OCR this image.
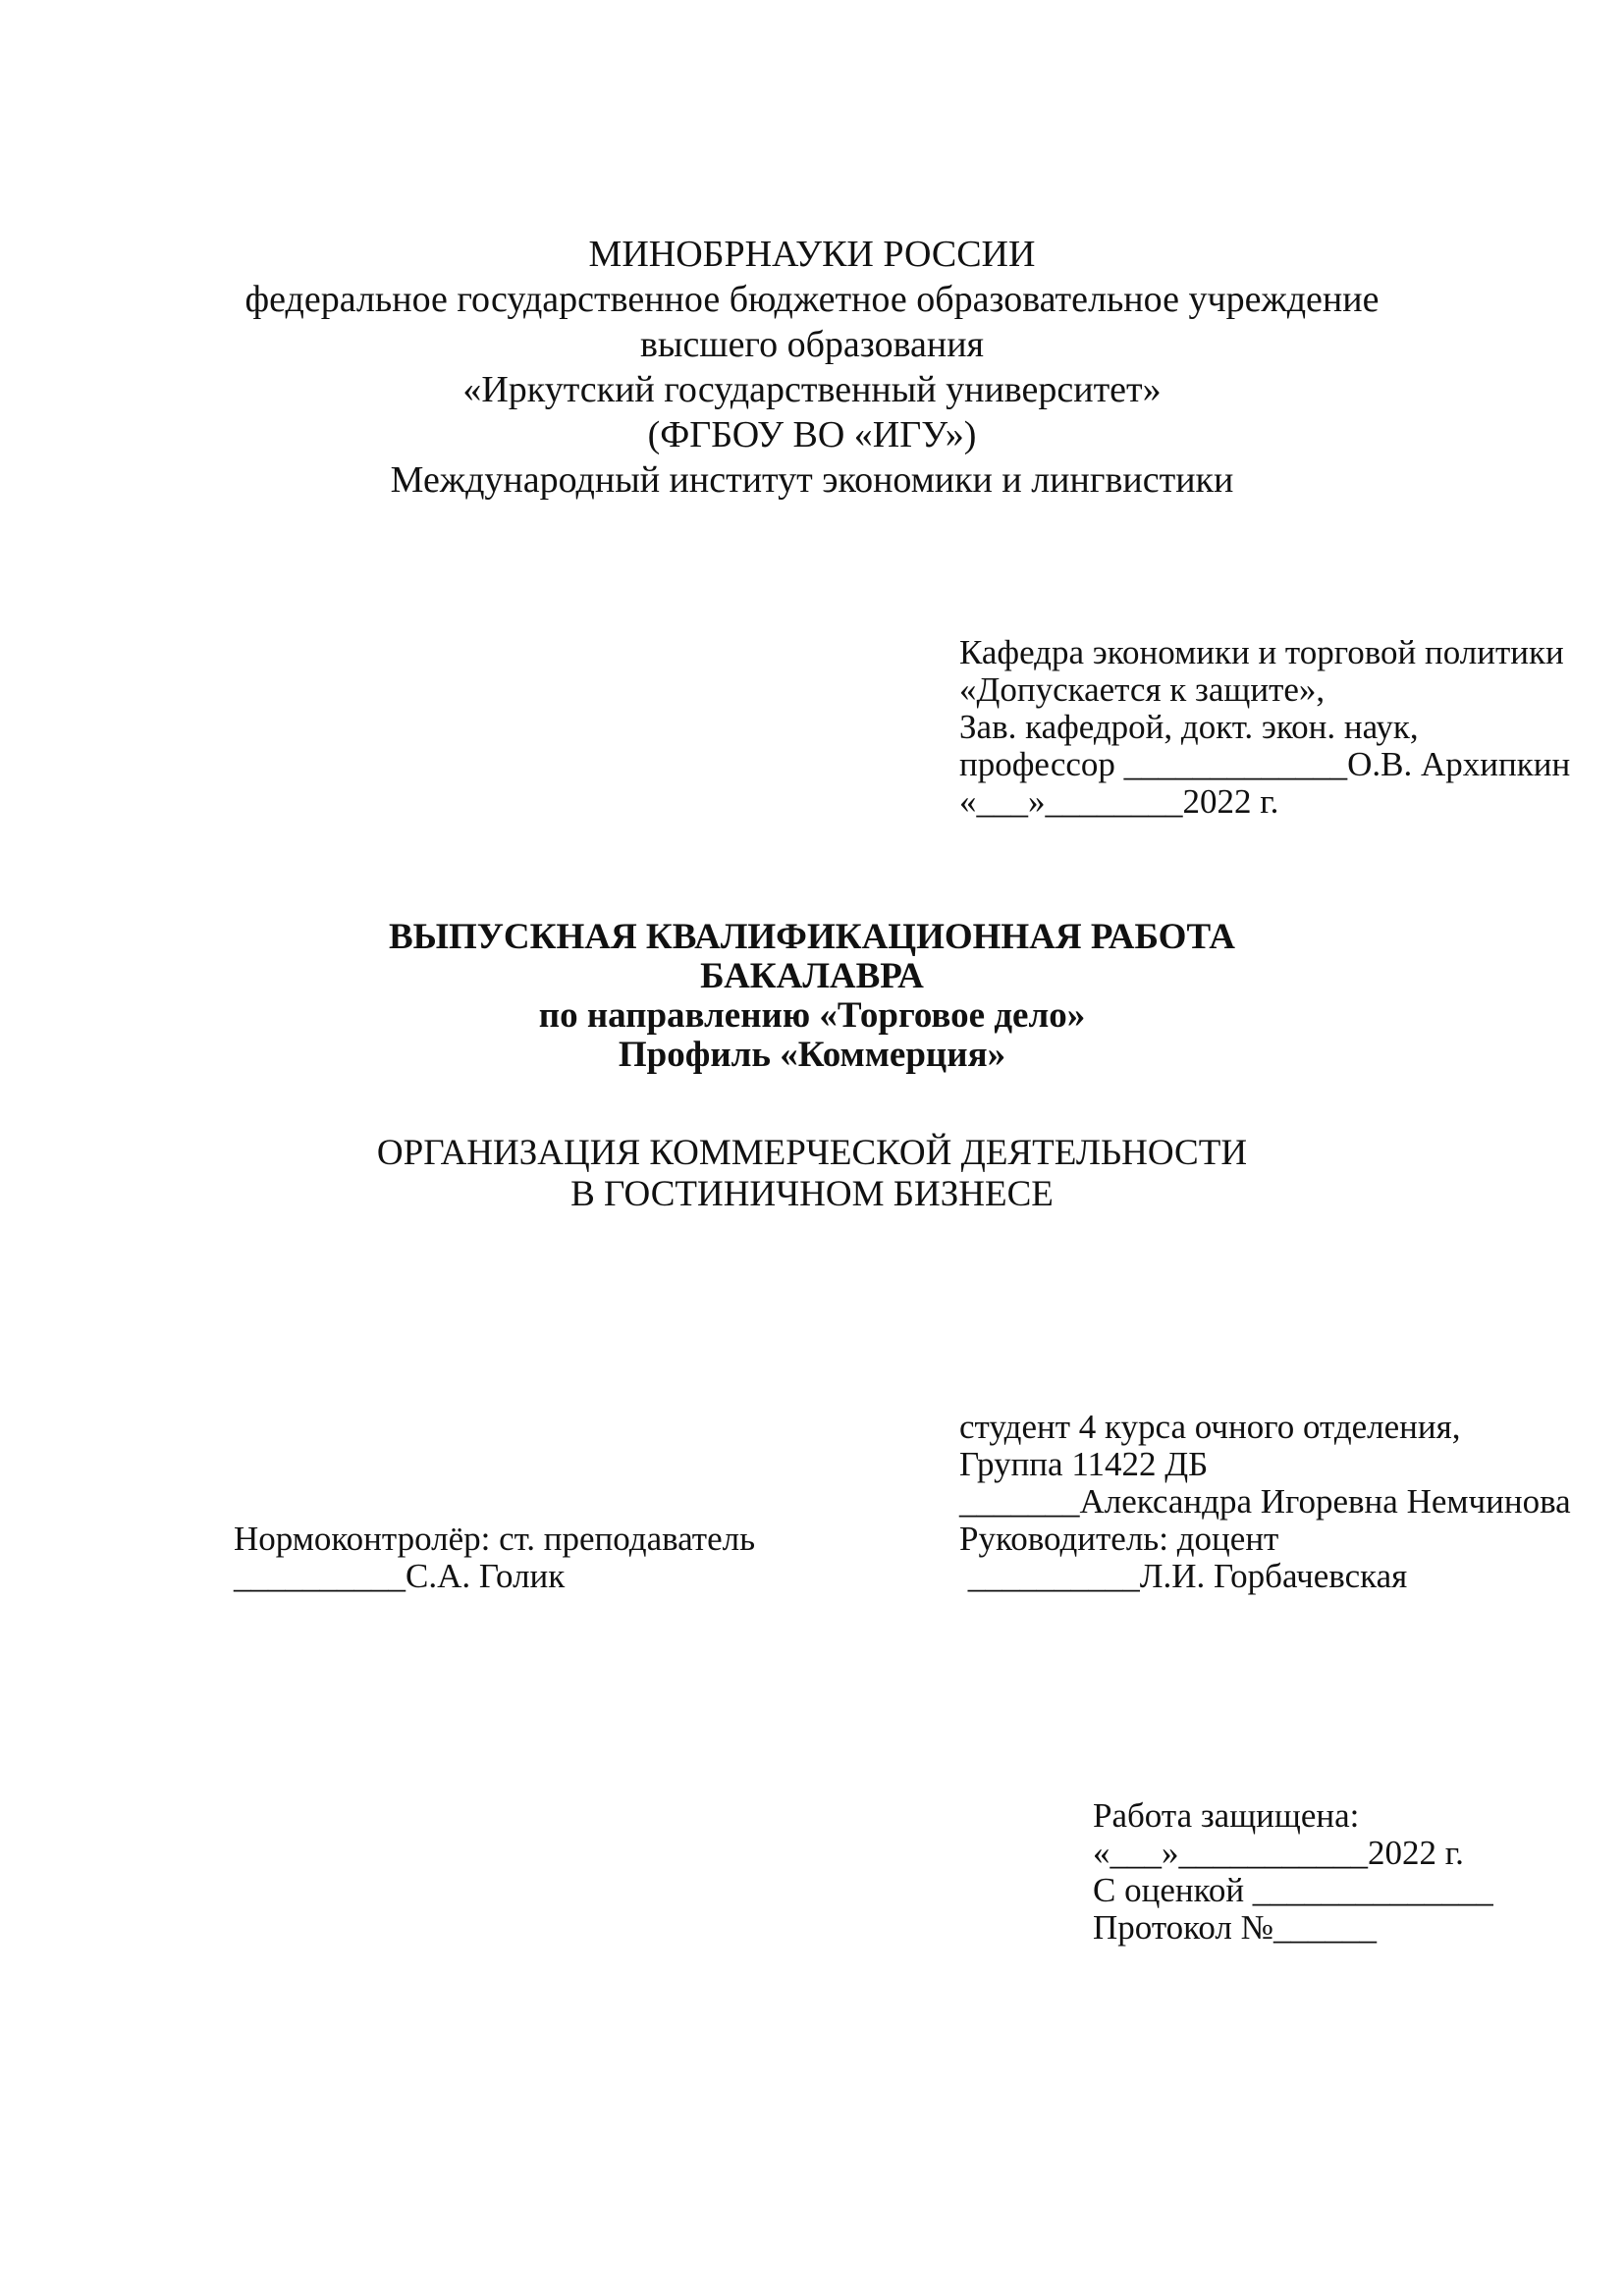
МИНОБРНАУКИ РОССИИ
федеральное государственное бюджетное образовательное учреждение
высшего образования
«Иркутский государственный университет»
(ФГБОУ ВО «ИГУ»)
Международный институт экономики и лингвистики
Кафедра экономики и торговой политики
«Допускается к защите»,
Зав. кафедрой, докт. экон. наук,
профессор _____________О.В. Архипкин
«___»________2022 г.
ВЫПУСКНАЯ КВАЛИФИКАЦИОННАЯ РАБОТА
БАКАЛАВРА
по направлению «Торговое дело»
Профиль «Коммерция»
ОРГАНИЗАЦИЯ КОММЕРЧЕСКОЙ ДЕЯТЕЛЬНОСТИ
В ГОСТИНИЧНОМ БИЗНЕСЕ
студент 4 курса очного отделения,
Группа 11422 ДБ
_______Александра Игоревна Немчинова
Руководитель: доцент
__________Л.И. Горбачевская
Нормоконтролёр: ст. преподаватель
__________С.А. Голик
Работа защищена:
«___»___________2022 г.
С оценкой ______________
Протокол №______
